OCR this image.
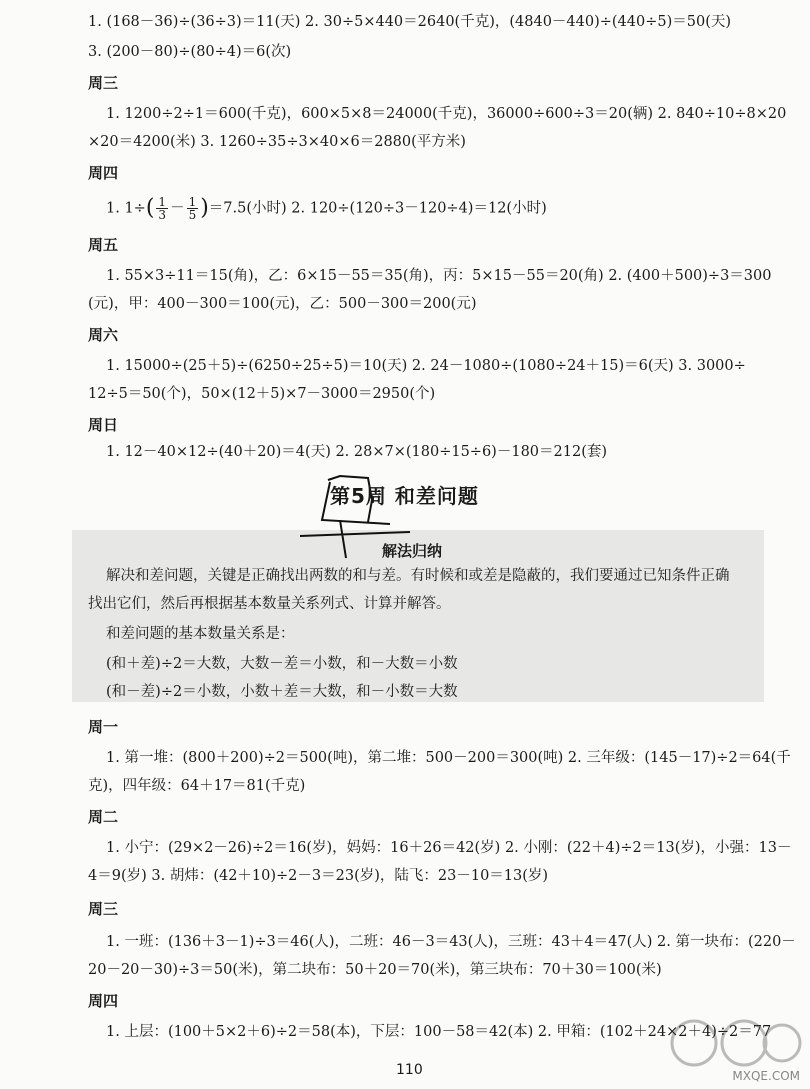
1. (168－36)÷(36÷3)＝11(天) 2. 30÷5×440＝2640(千克)，(4840－440)÷(440÷5)＝50(天)
3. (200－80)÷(80÷4)＝6(次)
周三
1. 1200÷2÷1＝600(千克)，600×5×8＝24000(千克)，36000÷600÷3＝20(辆) 2. 840÷10÷8×20
×20＝4200(米) 3. 1260÷35÷3×40×6＝2880(平方米)
周四
1. $1\div( \frac{1}{3} - \frac{1}{5} )=7.5$(小时) 2. 120÷(120÷3－120÷4)＝12(小时)
周五
1. 55×3÷11＝15(角)，乙：6×15－55＝35(角)，丙：5×15－55＝20(角) 2. (400＋500)÷3＝300
(元)，甲：400－300＝100(元)，乙：500－300＝200(元)
周六
1. 15000÷(25＋5)÷(6250÷25÷5)＝10(天) 2. 24－1080÷(1080÷24＋15)＝6(天) 3. 3000÷
12÷5＝50(个)，50×(12＋5)×7－3000＝2950(个)
周日
1. 12－40×12÷(40＋20)＝4(天) 2. 28×7×(180÷15÷6)－180＝212(套)
第5周 和差问题
解法归纳
解决和差问题，关键是正确找出两数的和与差。有时候和或差是隐蔽的，我们要通过已知条件正确
找出它们，然后再根据基本数量关系列式、计算并解答。
和差问题的基本数量关系是：
(和＋差)÷2＝大数，大数－差＝小数，和－大数＝小数
(和－差)÷2＝小数，小数＋差＝大数，和－小数＝大数
周一
1. 第一堆：(800＋200)÷2＝500(吨)，第二堆：500－200＝300(吨) 2. 三年级：(145－17)÷2＝64(千
克)，四年级：64＋17＝81(千克)
周二
1. 小宁：(29×2－26)÷2＝16(岁)，妈妈：16＋26＝42(岁) 2. 小刚：(22＋4)÷2＝13(岁)，小强：13－
4＝9(岁) 3. 胡炜：(42＋10)÷2－3＝23(岁)，陆飞：23－10＝13(岁)
周三
1. 一班：(136＋3－1)÷3＝46(人)，二班：46－3＝43(人)，三班：43＋4＝47(人) 2. 第一块布：(220－
20－20－30)÷3＝50(米)，第二块布：50＋20＝70(米)，第三块布：70＋30＝100(米)
周四
1. 上层：(100＋5×2＋6)÷2＝58(本)，下层：100－58＝42(本) 2. 甲箱：(102＋24×2＋4)÷2＝77
110	MXQE.COM
